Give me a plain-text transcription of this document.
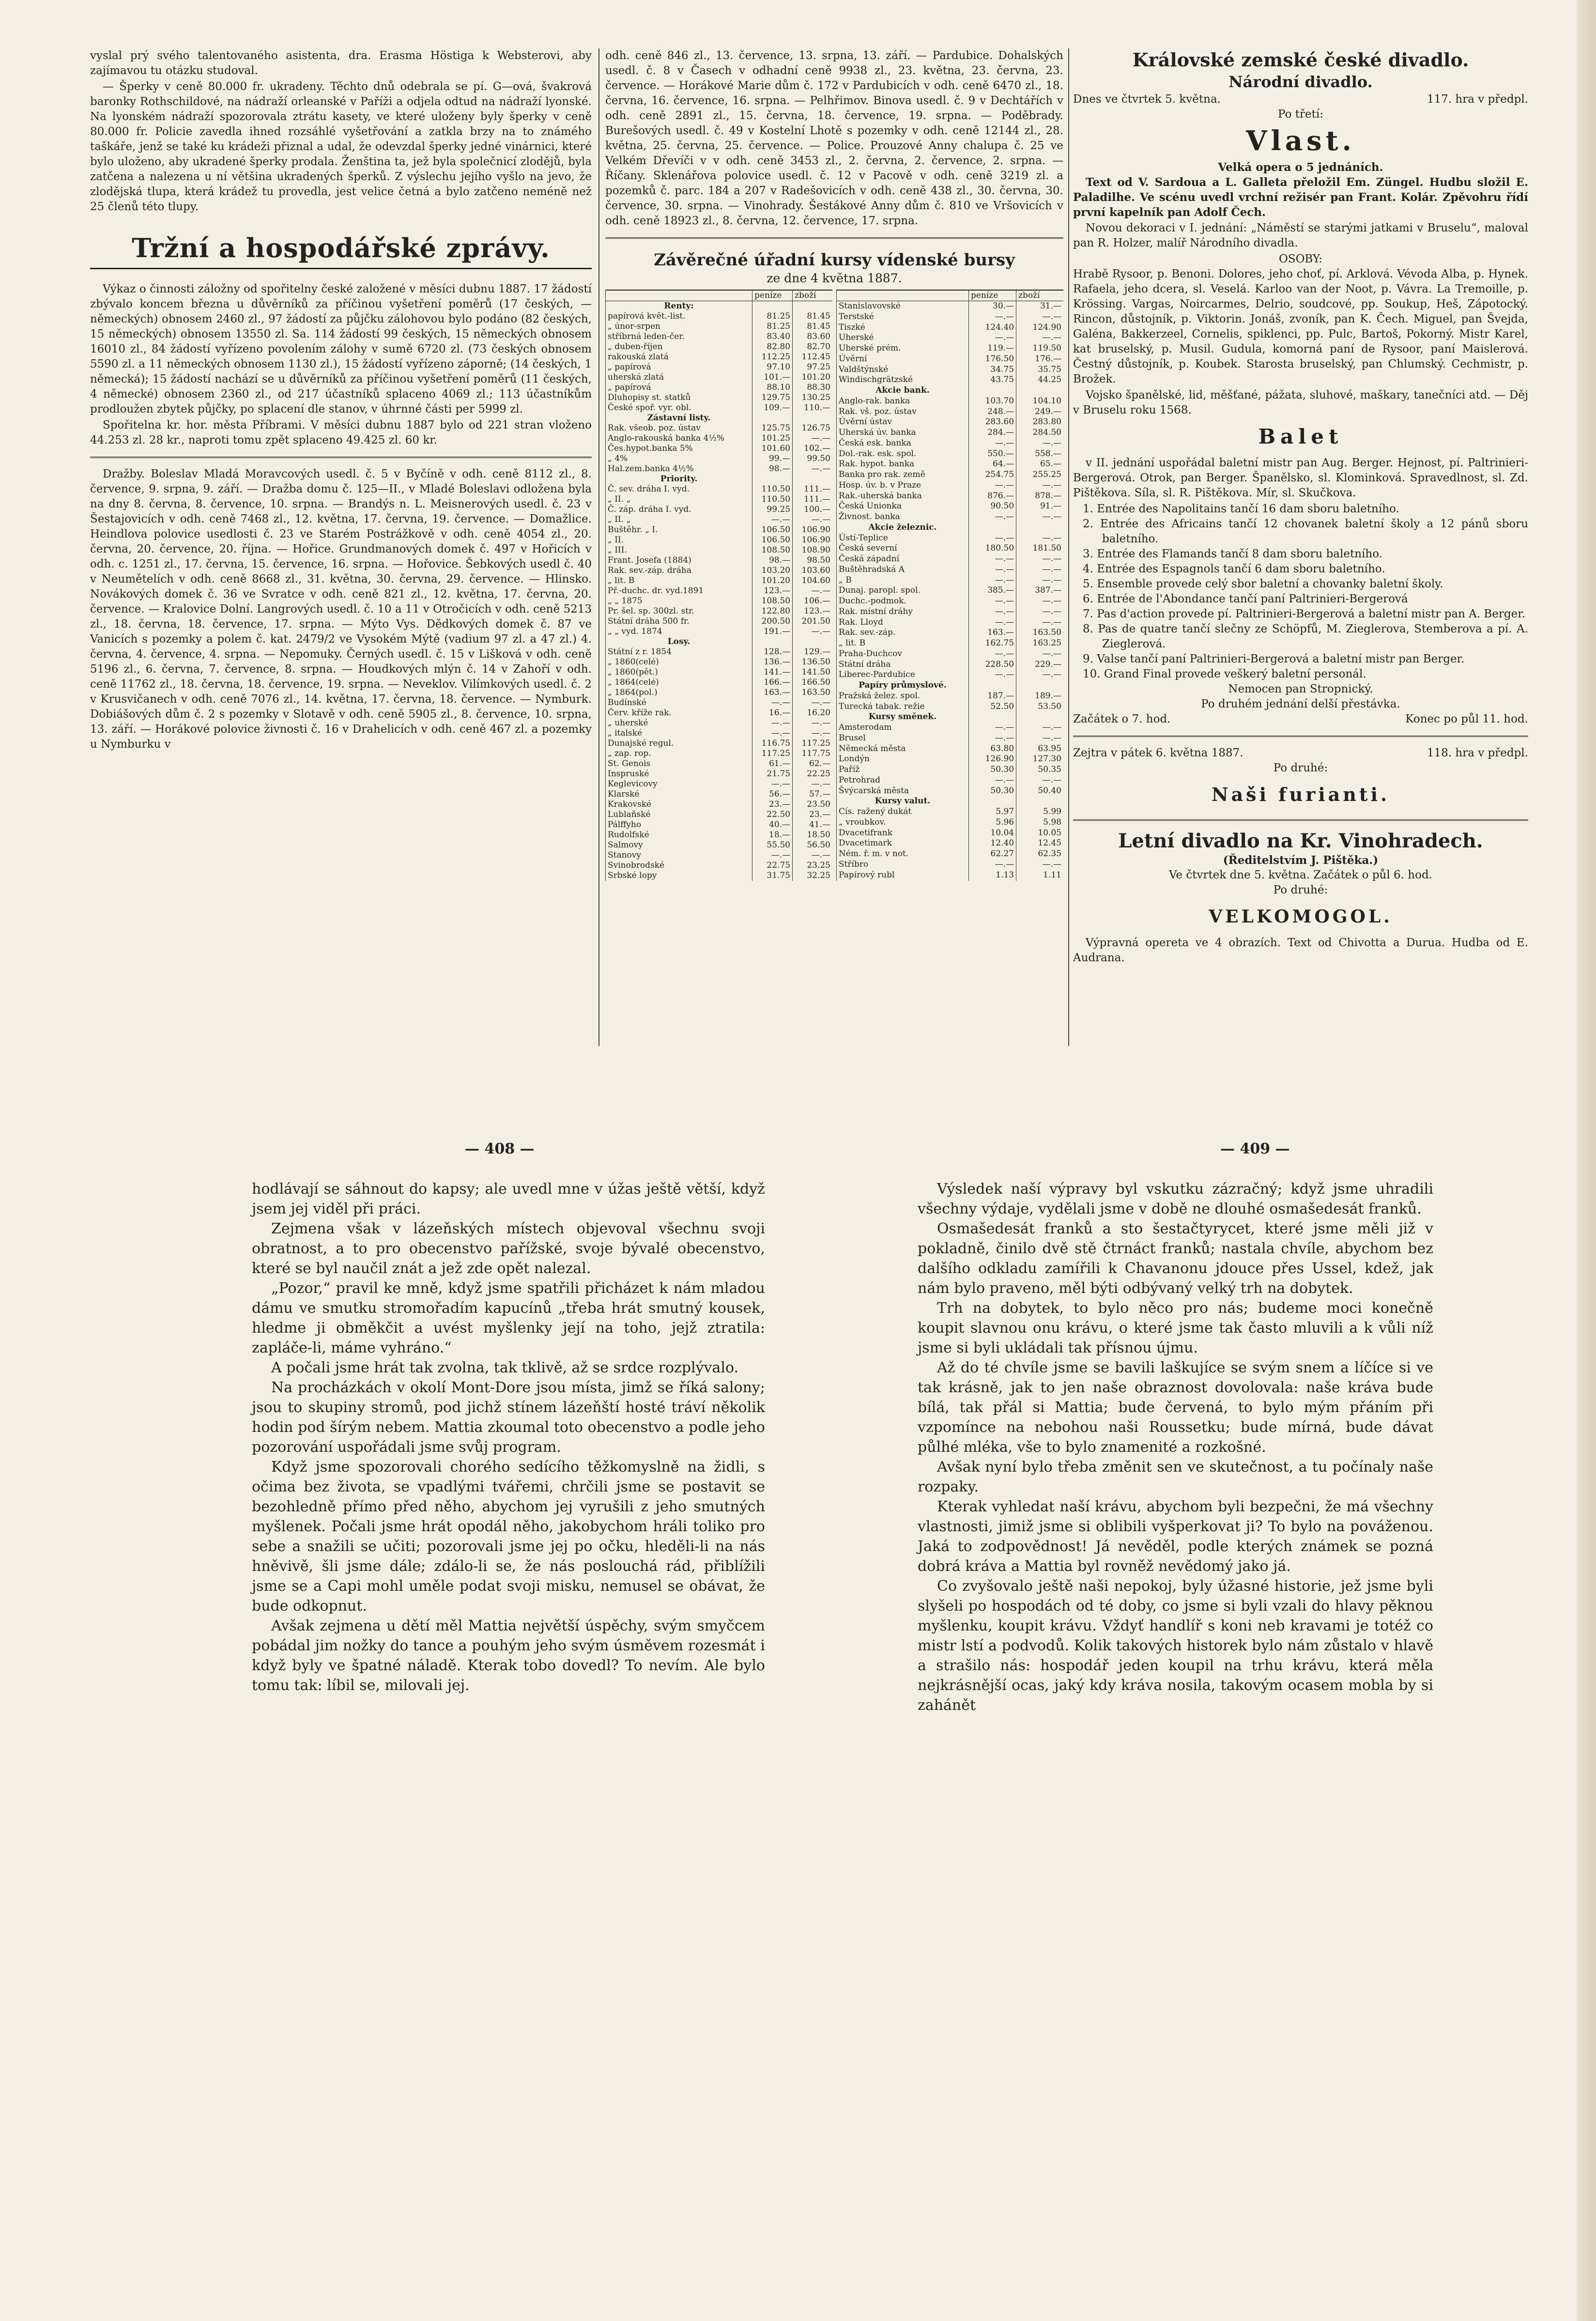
vyslal prý svého talentovaného asistenta, dra. Erasma Höstiga k Websterovi, aby zajímavou tu otázku studoval.

— Šperky v ceně 80.000 fr. ukradeny. Těchto dnů odebrala se pí. G—ová, švakrová baronky Rothschildové, na nádraží orleanské v Paříži a odjela odtud na nádraží lyonské. Na lyonském nádraží spozorovala ztrátu kasety, ve které uloženy byly šperky v ceně 80.000 fr. Policie zavedla ihned rozsáhlé vyšetřování a zatkla brzy na to známého taškáře, jenž se také ku krádeži přiznal a udal, že odevzdal šperky jedné vinárnici, které bylo uloženo, aby ukradené šperky prodala. Ženština ta, jež byla společnicí zlodějů, byla zatčena a nalezena u ní většina ukradených šperků. Z výslechu jejího vyšlo na jevo, že zlodějská tlupa, která krádež tu provedla, jest velice četná a bylo zatčeno neméně než 25 členů této tlupy.

Tržní a hospodářské zprávy.

Výkaz o činnosti záložny od spořitelny české založené v měsíci dubnu 1887. 17 žádostí zbývalo koncem března u důvěrníků za příčinou vyšetření poměrů (17 českých, — německých) obnosem 2460 zl., 97 žádostí za půjčku zálohovou bylo podáno (82 českých, 15 německých) obnosem 13550 zl. Sa. 114 žádostí 99 českých, 15 německých obnosem 16010 zl., 84 žádostí vyřízeno povolením zálohy v sumě 6720 zl. (73 českých obnosem 5590 zl. a 11 německých obnosem 1130 zl.), 15 žádostí vyřízeno záporně; (14 českých, 1 německá); 15 žádostí nachází se u důvěrníků za příčinou vyšetření poměrů (11 českých, 4 německé) obnosem 2360 zl., od 217 účastníků splaceno 4069 zl.; 113 účastníkům prodloužen zbytek půjčky, po splacení dle stanov, v úhrnné části per 5999 zl.

Spořitelna kr. hor. města Příbrami. V měsíci dubnu 1887 bylo od 221 stran vloženo 44.253 zl. 28 kr., naproti tomu zpět splaceno 49.425 zl. 60 kr.

Dražby. Boleslav Mladá Moravcových usedl. č. 5 v Byčíně v odh. ceně 8112 zl., 8. července, 9. srpna, 9. září. — Dražba domu č. 125—II., v Mladé Boleslavi odložena byla na dny 8. června, 8. července, 10. srpna. — Brandýs n. L. Meisnerových usedl. č. 23 v Šestajovicích v odh. ceně 7468 zl., 12. května, 17. června, 19. července. — Domažlice. Heindlova polovice usedlosti č. 23 ve Starém Postrážkově v odh. ceně 4054 zl., 20. června, 20. července, 20. října. — Hořice. Grundmanových domek č. 497 v Hořicích v odh. c. 1251 zl., 17. června, 15. července, 16. srpna. — Hořovice. Šebkových usedl č. 40 v Neumětelích v odh. ceně 8668 zl., 31. května, 30. června, 29. července. — Hlinsko. Novákových domek č. 36 ve Svratce v odh. ceně 821 zl., 12. května, 17. června, 20. července. — Kralovice Dolní. Langrových usedl. č. 10 a 11 v Otročicích v odh. ceně 5213 zl., 18. června, 18. července, 17. srpna. — Mýto Vys. Dědkových domek č. 87 ve Vanicích s pozemky a polem č. kat. 2479/2 ve Vysokém Mýtě (vadium 97 zl. a 47 zl.) 4. června, 4. července, 4. srpna. — Nepomuky. Černých usedl. č. 15 v Lišková v odh. ceně 5196 zl., 6. června, 7. července, 8. srpna. — Houdkových mlýn č. 14 v Zahoří v odh. ceně 11762 zl., 18. června, 18. července, 19. srpna. — Neveklov. Vilímkových usedl. č. 2 v Krusvičanech v odh. ceně 7076 zl., 14. května, 17. června, 18. července. — Nymburk. Dobiášových dům č. 2 s pozemky v Slotavě v odh. ceně 5905 zl., 8. července, 10. srpna, 13. září. — Horákové polovice živnosti č. 16 v Drahelicích v odh. ceně 467 zl. a pozemky u Nymburku v

odh. ceně 846 zl., 13. července, 13. srpna, 13. září. — Pardubice. Dohalských usedl. č. 8 v Časech v odhadní ceně 9938 zl., 23. května, 23. června, 23. července. — Horákové Marie dům č. 172 v Pardubicích v odh. ceně 6470 zl., 18. června, 16. července, 16. srpna. — Pelhřimov. Binova usedl. č. 9 v Dechtářích v odh. ceně 2891 zl., 15. června, 18. července, 19. srpna. — Poděbrady. Burešových usedl. č. 49 v Kostelní Lhotě s pozemky v odh. ceně 12144 zl., 28. května, 25. června, 25. července. — Police. Prouzové Anny chalupa č. 25 ve Velkém Dřevíči v v odh. ceně 3453 zl., 2. června, 2. července, 2. srpna. — Říčany. Sklenářova polovice usedl. č. 12 v Pacově v odh. ceně 3219 zl. a pozemků č. parc. 184 a 207 v Radešovicích v odh. ceně 438 zl., 30. června, 30. července, 30. srpna. — Vinohrady. Šestákové Anny dům č. 810 ve Vršovicích v odh. ceně 18923 zl., 8. června, 12. července, 17. srpna.

Závěrečné úřadní kursy vídenské bursy
ze dne 4 května 1887.
	peníze	zboží
Renty:		
papírová květ.-list.	81.25	81.45
„ únor-srpen	81.25	81.45
stříbrná leden-čer.	83.40	83.60
„ duben-říjen	82.80	82.70
rakouská zlatá	112.25	112.45
„ papírová	97.10	97.25
uherská zlatá	101.—	101.20
„ papírová	88.10	88.30
Dluhopisy st. statků	129.75	130.25

České spoř. vyr. obl.	109.—	110.—
Zástavní listy.		
Rak. všeob. poz. ústav	125.75	126.75
Anglo-rakouská banka 4½%	101.25	—.—
Čes.hypot.banka 5%	101.60	102.—
„ 4%	99.—	99.50
Hal.zem.banka 4½%	98.—	—.—
Priority.		
Č. sev. dráha I. vyd.	110.50	111.—
„ II. „	110.50	111.—
Č. záp. dráha I. vyd.	99.25	100.—
„ II. „	—.—	—.—
Buštěhr. „ I.	106.50	106.90
„ II.	106.50	106.90
„ III.	108.50	108.90
Frant. Josefa (1884)	98.—	98.50
Rak. sev.-záp. dráha	103.20	103.60
„ lit. B	101.20	104.60
Př.-duchc. dr. vyd.1891	123.—	—.—
„ „ 1875	108.50	106.—
Pr. šel. sp. 300zl. str.	122.80	123.—
Státní dráha 500 fr.	200.50	201.50
„ „ vyd. 1874	191.—	—.—
Losy.		
Státní z r. 1854	128.—	129.—
„ 1860(celé)	136.—	136.50
„ 1860(pět.)	141.—	141.50
„ 1864(celé)	166.—	166.50
„ 1864(pol.)	163.—	163.50
Budínské	—.—	—.—
Červ. kříže rak.	16.—	16.20
„ uherské	—.—	—.—
„ italské	—.—	—.—
Dunajské regul.	116.75	117.25
„ zap. rop.	117.25	117.75
St. Genois	61.—	62.—
Inspruské	21.75	22.25
Keglevicovy	—.—	—.—
Klarské	56.—	57.—
Krakovské	23.—	23.50
Lublaňské	22.50	23.—
Pálffyho	40.—	41.—
Rudolfské	18.—	18.50
Salmovy	55.50	56.50
Stanovy	—.—	—.—
Svinobrodské	22.75	23.25
Srbské lopy	31.75	32.25
	peníze	zboží
Stanislavovské	30.—	31.—
Terstské	—.—	—.—
Tiszké	124.40	124.90
Uherské	—.—	—.—
Uherské prém.	119.—	119.50
Úvěrní	176.50	176.—
Valdštýnské	34.75	35.75
Windischgrätzské	43.75	44.25
Akcie bank.		
Anglo-rak. banka	103.70	104.10
Rak. vš. poz. ústav	248.—	249.—
Úvěrní ústav	283.60	283.80
Uherská úv. banka	284.—	284.50
Česká esk. banka	—.—	—.—
Dol.-rak. esk. spol.	550.—	558.—
Rak. hypot. banka	64.—	65.—
Banka pro rak. země	254.75	255.25
Hosp. úv. b. v Praze	—.—	—.—
Rak.-uherská banka	876.—	878.—
Česká Unionka	90.50	91.—
Živnost. banka	—.—	—.—
Akcie železnic.		
Ústí-Teplice	—.—	—.—
Česká severní	180.50	181.50
Česká západní	—.—	—.—
Buštěhradská A	—.—	—.—
„ B	—.—	—.—
Dunaj. paropl. spol.	385.—	387.—
Duchc.-podmok.	—.—	—.—
Rak. místní dráhy	—.—	—.—
Rak. Lloyd	—.—	—.—
Rak. sev.-záp.	163.—	163.50
„ lit. B	162.75	163.25
Praha-Duchcov	—.—	—.—
Státní dráha	228.50	229.—
Liberec-Pardubice	—.—	—.—
Papíry průmyslové.		
Pražská želez. spol.	187.—	189.—
Turecká tabak. režie	52.50	53.50
Kursy směnek.		
Amsterodam	—.—	—.—
Brusel	—.—	—.—
Německá města	63.80	63.95
Londýn	126.90	127.30
Paříž	50.30	50.35
Petrohrad	—.—	—.—
Švýcarská města	50.30	50.40
Kursy valut.		
Cís. ražený dukát	5.97	5.99
„ vroubkov.	5.96	5.98
Dvacetifrank	10.04	10.05
Dvacetimark	12.40	12.45
Ném. ř. m. v not.	62.27	62.35
Stříbro	—.—	—.—
Papírový rubl	1.13	1.11
Královské zemské české divadlo.
Národní divadlo.
Dnes ve čtvrtek 5. května.	117. hra v předpl.
Po třetí:
Vlast.
Velká opera o 5 jednáních.

Text od V. Sardoua a L. Galleta přeložil Em. Züngel. Hudbu složil E. Paladilhe. Ve scénu uvedl vrchní režisér pan Frant. Kolár. Zpěvohru řídí první kapelník pan Adolf Čech.

Novou dekoraci v I. jednání: „Náměstí se starými jatkami v Bruselu“, maloval pan R. Holzer, malíř Národního divadla.

OSOBY:

Hrabě Rysoor, p. Benoni. Dolores, jeho choť, pí. Arklová. Vévoda Alba, p. Hynek. Rafaela, jeho dcera, sl. Veselá. Karloo van der Noot, p. Vávra. La Tremoille, p. Krössing. Vargas, Noircarmes, Delrio, soudcové, pp. Soukup, Heš, Zápotocký. Rincon, důstojník, p. Viktorin. Jonáš, zvoník, pan K. Čech. Miguel, pan Švejda, Galéna, Bakkerzeel, Cornelis, spiklenci, pp. Pulc, Bartoš, Pokorný. Mistr Karel, kat bruselský, p. Musil. Gudula, komorná paní de Rysoor, paní Maislerová. Čestný důstojník, p. Koubek. Starosta bruselský, pan Chlumský. Cechmistr, p. Brožek.

Vojsko španělské, lid, měšťané, pážata, sluhové, maškary, tanečníci atd. — Děj v Bruselu roku 1568.

Balet

v II. jednání uspořádal baletní mistr pan Aug. Berger. Hejnost, pí. Paltrinieri-Bergerová. Otrok, pan Berger. Španělsko, sl. Klominková. Spravedlnost, sl. Zd. Pištěkova. Síla, sl. R. Pištěkova. Mír, sl. Skučkova.

1. Entrée des Napolitains tančí 16 dam sboru baletního.
2. Entrée des Africains tančí 12 chovanek baletní školy a 12 pánů sboru baletního.
3. Entrée des Flamands tančí 8 dam sboru baletního.
4. Entrée des Espagnols tančí 6 dam sboru baletního.
5. Ensemble provede celý sbor baletní a chovanky baletní školy.
6. Entrée de l'Abondance tančí paní Paltrinieri-Bergerová
7. Pas d'action provede pí. Paltrinieri-Bergerová a baletní mistr pan A. Berger.
8. Pas de quatre tančí slečny ze Schöpfů, M. Zieglerova, Stemberova a pí. A. Zieglerová.
9. Valse tančí paní Paltrinieri-Bergerová a baletní mistr pan Berger.
10. Grand Final provede veškerý baletní personál.
Nemocen pan Stropnický.
Po druhém jednání delší přestávka.
Začátek o 7. hod.	Konec po půl 11. hod.
Zejtra v pátek 6. května 1887.	118. hra v předpl.
Po druhé:
Naši furianti.
Letní divadlo na Kr. Vinohradech.
(Ředitelstvím J. Pištěka.)
Ve čtvrtek dne 5. května. Začátek o půl 6. hod.
Po druhé:
VELKOMOGOL.

Výpravná opereta ve 4 obrazích. Text od Chivotta a Durua. Hudba od E. Audrana.

— 408 —	— 409 —

hodlávají se sáhnout do kapsy; ale uvedl mne v úžas ještě větší, když jsem jej viděl při práci.

Zejmena však v lázeňských místech objevoval všechnu svoji obratnost, a to pro obecenstvo pařížské, svoje bývalé obecenstvo, které se byl naučil znát a jež zde opět nalezal.

„Pozor,“ pravil ke mně, když jsme spatřili přicházet k nám mladou dámu ve smutku stromořadím kapucínů „třeba hrát smutný kousek, hledme ji obměkčit a uvést myšlenky její na toho, jejž ztratila: zapláče-li, máme vyhráno.“

A počali jsme hrát tak zvolna, tak tklivě, až se srdce rozplývalo.

Na procházkách v okolí Mont-Dore jsou místa, jimž se říká salony; jsou to skupiny stromů, pod jichž stínem lázeňští hosté tráví několik hodin pod šírým nebem. Mattia zkoumal toto obecenstvo a podle jeho pozorování uspořádali jsme svůj program.

Když jsme spozorovali chorého sedícího těžkomyslně na židli, s očima bez života, se vpadlými tvářemi, chrčili jsme se postavit se bezohledně přímo před něho, abychom jej vyrušili z jeho smutných myšlenek. Počali jsme hrát opodál něho, jakobychom hráli toliko pro sebe a snažili se učiti; pozorovali jsme jej po očku, hleděli-li na nás hněvivě, šli jsme dále; zdálo-li se, že nás poslouchá rád, přiblížili jsme se a Capi mohl uměle podat svoji misku, nemusel se obávat, že bude odkopnut.

Avšak zejmena u dětí měl Mattia největší úspěchy, svým smyčcem pobádal jim nožky do tance a pouhým jeho svým úsměvem rozesmát i když byly ve špatné náladě. Kterak tobo dovedl? To nevím. Ale bylo tomu tak: líbil se, milovali jej.

Výsledek naší výpravy byl vskutku zázračný; když jsme uhradili všechny výdaje, vydělali jsme v době ne dlouhé osmašedesát franků.

Osmašedesát franků a sto šestačtyrycet, které jsme měli již v pokladně, činilo dvě stě čtrnáct franků; nastala chvíle, abychom bez dalšího odkladu zamířili k Chavanonu jdouce přes Ussel, kdež, jak nám bylo praveno, měl býti odbývaný velký trh na dobytek.

Trh na dobytek, to bylo něco pro nás; budeme moci konečně koupit slavnou onu krávu, o které jsme tak často mluvili a k vůli níž jsme si byli ukládali tak přísnou újmu.

Až do té chvíle jsme se bavili laškujíce se svým snem a líčíce si ve tak krásně, jak to jen naše obraznost dovolovala: naše kráva bude bílá, tak přál si Mattia; bude červená, to bylo mým přáním při vzpomínce na nebohou naši Roussetku; bude mírná, bude dávat půlhé mléka, vše to bylo znamenité a rozkošné.

Avšak nyní bylo třeba změnit sen ve skutečnost, a tu počínaly naše rozpaky.

Kterak vyhledat naší krávu, abychom byli bezpečni, že má všechny vlastnosti, jimiž jsme si oblibili vyšperkovat ji? To bylo na pováženou. Jaká to zodpovědnost! Já nevěděl, podle kterých známek se pozná dobrá kráva a Mattia byl rovněž nevědomý jako já.

Co zvyšovalo ještě naši nepokoj, byly úžasné historie, jež jsme byli slyšeli po hospodách od té doby, co jsme si byli vzali do hlavy pěknou myšlenku, koupit krávu. Vždyť handlíř s koni neb kravami je totéž co mistr lstí a podvodů. Kolik takových historek bylo nám zůstalo v hlavě a strašilo nás: hospodář jeden koupil na trhu krávu, která měla nejkrásnější ocas, jaký kdy kráva nosila, takovým ocasem mobla by si zahánět
